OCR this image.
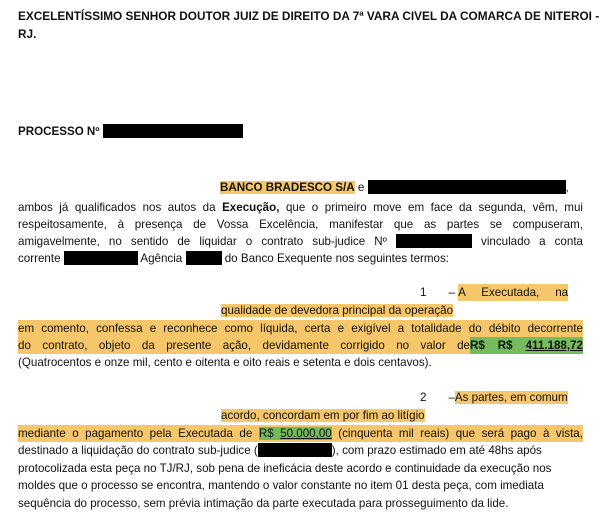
EXCELENTÍSSIMO SENHOR DOUTOR JUIZ DE DIREITO DA 7ª VARA CIVEL DA COMARCA DE NITEROI -
RJ.
PROCESSO Nº
BANCO BRADESCO S/A e	,
ambos já qualificados nos autos da Execução, que o primeiro move em face da segunda, vêm, mui
respeitosamente, à presença de Vossa Excelência, manifestar que as partes se compuseram,
amigavelmente, no sentido de liquidar o contrato sub-judice Nº	vinculado a conta
corrente	Agência	do Banco Exequente nos seguintes termos:
1 – A Executada, na
qualidade de devedora principal da operação
em comento, confessa e reconhece como líquida, certa e exigível a totalidade do débito decorrente
do contrato, objeto da presente ação, devidamente corrigido no valor deR$ R$ 411.188,72
(Quatrocentos e onze mil, cento e oitenta e oito reais e setenta e dois centavos).
2 –As partes, em comum
acordo, concordam em por fim ao litígio
mediante o pagamento pela Executada de R$ 50.000,00 (cinquenta mil reais) que será pago à vista,
destinado a liquidação do contrato sub-judice (	), com prazo estimado em até 48hs após
protocolizada esta peça no TJ/RJ, sob pena de ineficácia deste acordo e continuidade da execução nos
moldes que o processo se encontra, mantendo o valor constante no item 01 desta peça, com imediata
sequência do processo, sem prévia intimação da parte executada para prosseguimento da lide.
